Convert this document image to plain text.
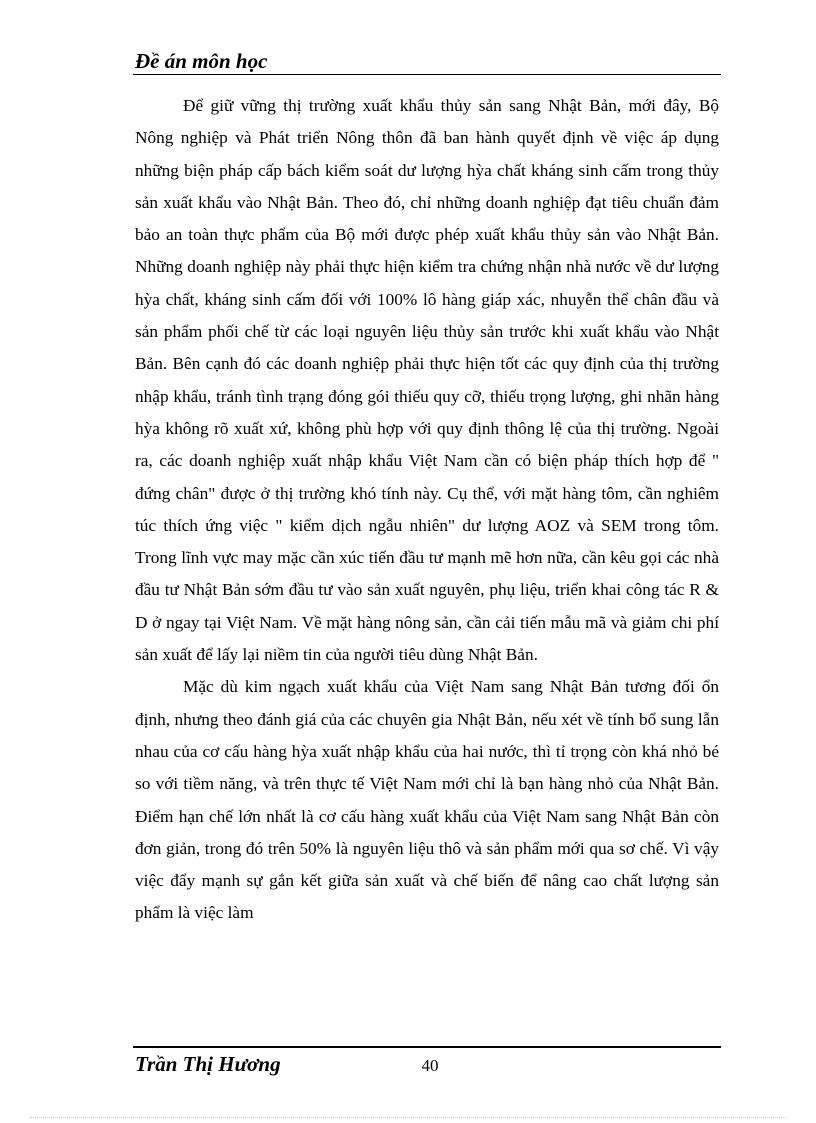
Đề án môn học

Để giữ vững thị trường xuất khẩu thủy sản sang Nhật Bản, mới đây, Bộ Nông nghiệp và Phát triển Nông thôn đã ban hành quyết định về việc áp dụng những biện pháp cấp bách kiểm soát dư lượng hỳa chất kháng sinh cấm trong thủy sản xuất khẩu vào Nhật Bản. Theo đó, chỉ những doanh nghiệp đạt tiêu chuẩn đảm bảo an toàn thực phẩm của Bộ mới được phép xuất khẩu thủy sản vào Nhật Bản. Những doanh nghiệp này phải thực hiện kiểm tra chứng nhận nhà nước về dư lượng hỳa chất, kháng sinh cấm đối với 100% lô hàng giáp xác, nhuyễn thể chân đầu và sản phẩm phối chế từ các loại nguyên liệu thủy sản trước khi xuất khẩu vào Nhật Bản. Bên cạnh đó các doanh nghiệp phải thực hiện tốt các quy định của thị trường nhập khẩu, tránh tình trạng đóng gói thiếu quy cỡ, thiếu trọng lượng, ghi nhãn hàng hỳa không rõ xuất xứ, không phù hợp với quy định thông lệ của thị trường. Ngoài ra, các doanh nghiệp xuất nhập khẩu Việt Nam cần có biện pháp thích hợp để " đứng chân" được ở thị trường khó tính này. Cụ thể, với mặt hàng tôm, cần nghiêm túc thích ứng việc " kiểm dịch ngẫu nhiên" dư lượng AOZ và SEM trong tôm. Trong lĩnh vực may mặc cần xúc tiến đầu tư mạnh mẽ hơn nữa, cần kêu gọi các nhà đầu tư Nhật Bản sớm đầu tư vào sản xuất nguyên, phụ liệu, triển khai công tác R & D ở ngay tại Việt Nam. Về mặt hàng nông sản, cần cải tiến mẫu mã và giảm chi phí sản xuất để lấy lại niềm tin của người tiêu dùng Nhật Bản.

Mặc dù kim ngạch xuất khẩu của Việt Nam sang Nhật Bản tương đối ổn định, nhưng theo đánh giá của các chuyên gia Nhật Bản, nếu xét về tính bổ sung lẫn nhau của cơ cấu hàng hỳa xuất nhập khẩu của hai nước, thì tỉ trọng còn khá nhỏ bé so với tiềm năng, và trên thực tế Việt Nam mới chỉ là bạn hàng nhỏ của Nhật Bản. Điểm hạn chế lớn nhất là cơ cấu hàng xuất khẩu của Việt Nam sang Nhật Bản còn đơn giản, trong đó trên 50% là nguyên liệu thô và sản phẩm mới qua sơ chế. Vì vậy việc đẩy mạnh sự gắn kết giữa sản xuất và chế biến để nâng cao chất lượng sản phẩm là việc làm

Trần Thị Hương	40
